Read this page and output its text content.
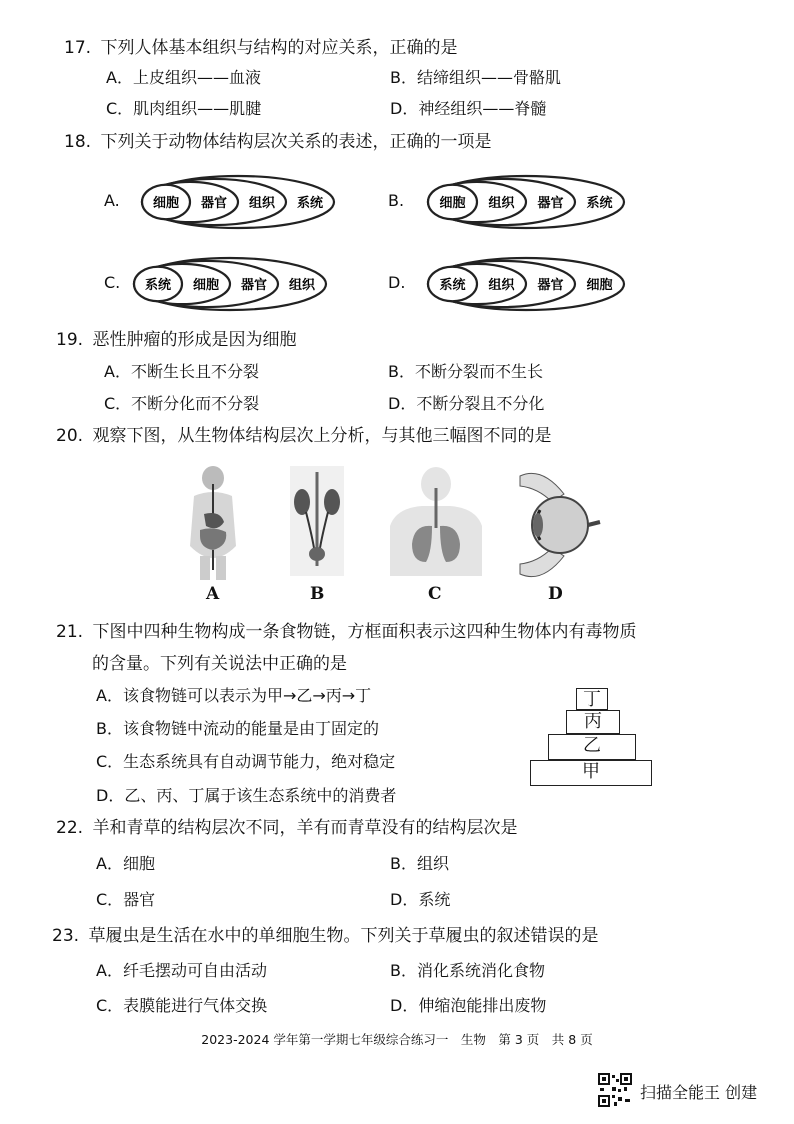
17. 下列人体基本组织与结构的对应关系，正确的是
A．上皮组织——血液	B．结缔组织——骨骼肌
C．肌肉组织——肌腱	D．神经组织——脊髓
18. 下列关于动物体结构层次关系的表述，正确的一项是
A.	B.
C.	D.
细胞 器官 组织 系统	细胞 组织 器官 系统
系统 细胞 器官 组织	系统 组织 器官 细胞
19. 恶性肿瘤的形成是因为细胞
A．不断生长且不分裂	B．不断分裂而不生长
C．不断分化而不分裂	D．不断分裂且不分化
20. 观察下图，从生物体结构层次上分析，与其他三幅图不同的是
A	B	C	D
21. 下图中四种生物构成一条食物链，方框面积表示这四种生物体内有毒物质
的含量。下列有关说法中正确的是
A．该食物链可以表示为甲→乙→丙→丁
B．该食物链中流动的能量是由丁固定的
C．生态系统具有自动调节能力，绝对稳定
D．乙、丙、丁属于该生态系统中的消费者
丁
丙
乙
甲
22. 羊和青草的结构层次不同，羊有而青草没有的结构层次是
A．细胞	B．组织
C．器官	D．系统
23. 草履虫是生活在水中的单细胞生物。下列关于草履虫的叙述错误的是
A．纤毛摆动可自由活动	B．消化系统消化食物
C．表膜能进行气体交换	D．伸缩泡能排出废物
2023-2024 学年第一学期七年级综合练习一　生物　第 3 页　共 8 页
扫描全能王 创建
